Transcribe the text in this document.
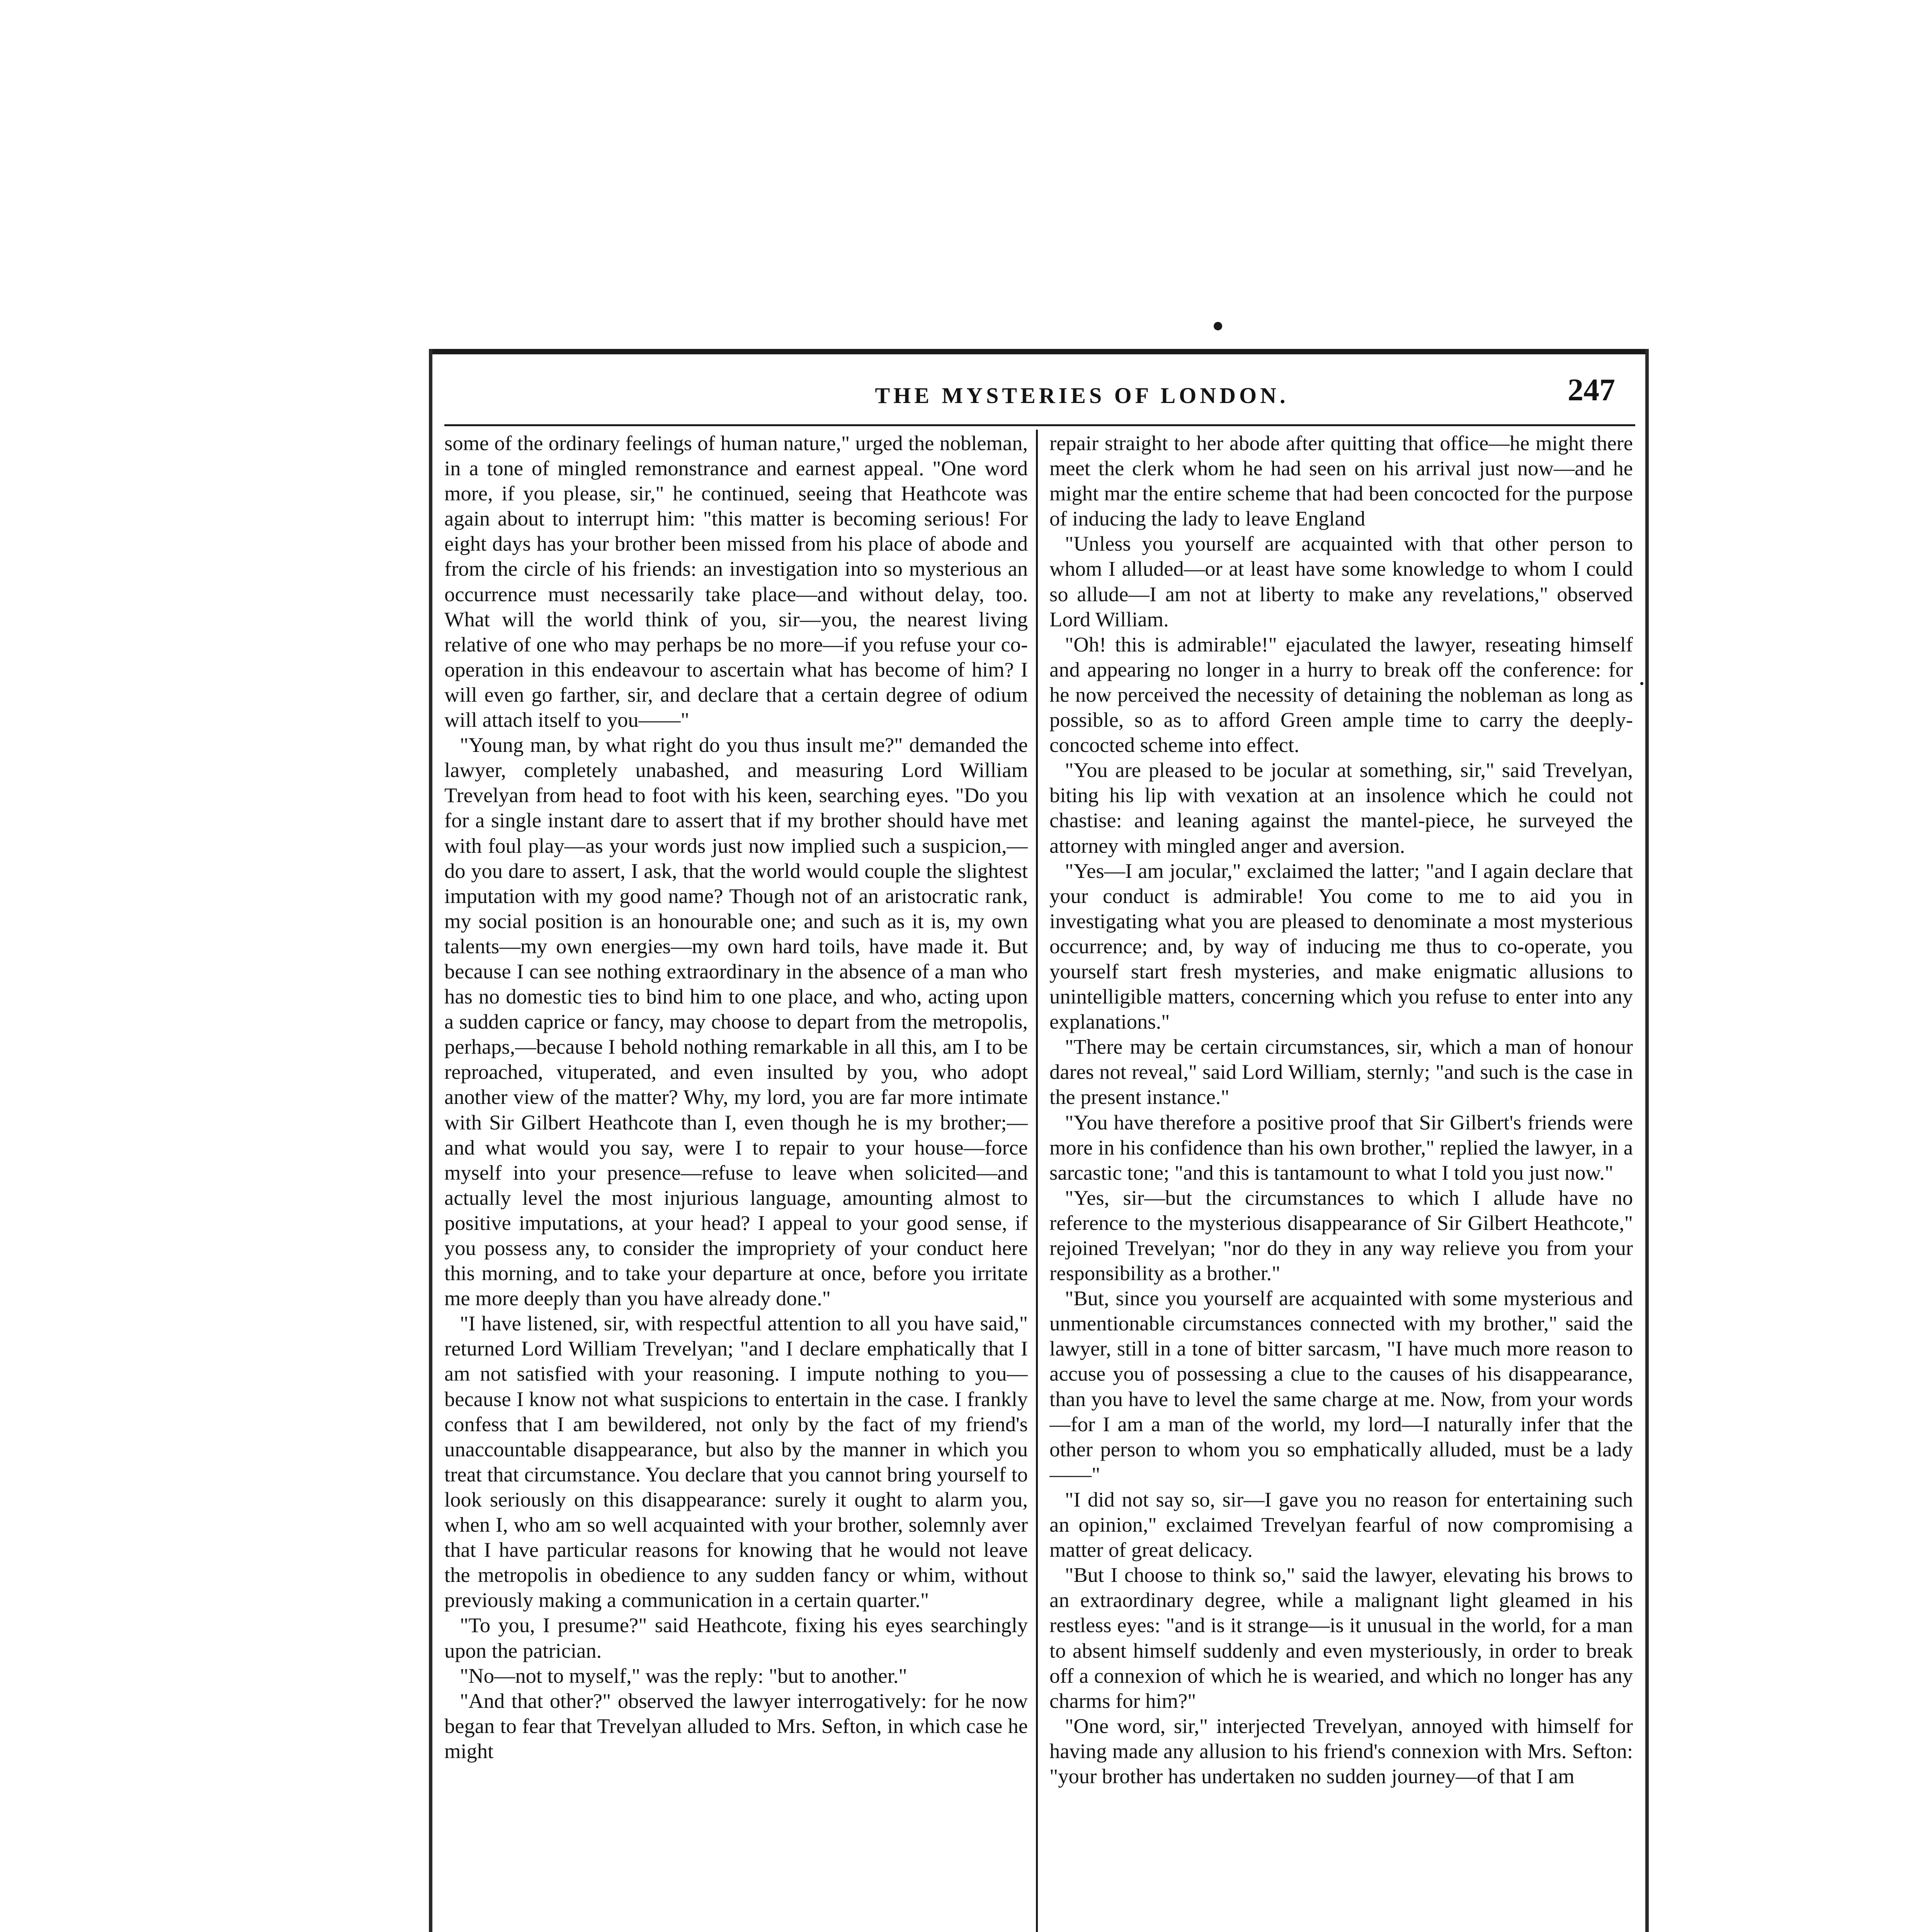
THE MYSTERIES OF LONDON.	247

some of the ordinary feelings of human nature," urged the nobleman, in a tone of mingled remonstrance and earnest appeal. "One word more, if you please, sir," he continued, seeing that Heathcote was again about to interrupt him: "this matter is becoming serious! For eight days has your brother been missed from his place of abode and from the circle of his friends: an investigation into so mysterious an occurrence must necessarily take place—and without delay, too. What will the world think of you, sir—you, the nearest living relative of one who may perhaps be no more—if you refuse your co-operation in this endeavour to ascertain what has become of him? I will even go farther, sir, and declare that a certain degree of odium will attach itself to you——"

"Young man, by what right do you thus insult me?" demanded the lawyer, completely unabashed, and measuring Lord William Trevelyan from head to foot with his keen, searching eyes. "Do you for a single instant dare to assert that if my brother should have met with foul play—as your words just now implied such a suspicion,—do you dare to assert, I ask, that the world would couple the slightest imputation with my good name? Though not of an aristocratic rank, my social position is an honourable one; and such as it is, my own talents—my own energies—my own hard toils, have made it. But because I can see nothing extraordinary in the absence of a man who has no domestic ties to bind him to one place, and who, acting upon a sudden caprice or fancy, may choose to depart from the metropolis, perhaps,—because I behold nothing remarkable in all this, am I to be reproached, vituperated, and even insulted by you, who adopt another view of the matter? Why, my lord, you are far more intimate with Sir Gilbert Heathcote than I, even though he is my brother;—and what would you say, were I to repair to your house—force myself into your presence—refuse to leave when solicited—and actually level the most injurious language, amounting almost to positive imputations, at your head? I appeal to your good sense, if you possess any, to consider the impropriety of your conduct here this morning, and to take your departure at once, before you irritate me more deeply than you have already done."

"I have listened, sir, with respectful attention to all you have said," returned Lord William Trevelyan; "and I declare emphatically that I am not satisfied with your reasoning. I impute nothing to you—because I know not what suspicions to entertain in the case. I frankly confess that I am bewildered, not only by the fact of my friend's unaccountable disappearance, but also by the manner in which you treat that circumstance. You declare that you cannot bring yourself to look seriously on this disappearance: surely it ought to alarm you, when I, who am so well acquainted with your brother, solemnly aver that I have particular reasons for knowing that he would not leave the metropolis in obedience to any sudden fancy or whim, without previously making a communication in a certain quarter."

"To you, I presume?" said Heathcote, fixing his eyes searchingly upon the patrician.

"No—not to myself," was the reply: "but to another."

"And that other?" observed the lawyer interrogatively: for he now began to fear that Trevelyan alluded to Mrs. Sefton, in which case he might

repair straight to her abode after quitting that office—he might there meet the clerk whom he had seen on his arrival just now—and he might mar the entire scheme that had been concocted for the purpose of inducing the lady to leave England

"Unless you yourself are acquainted with that other person to whom I alluded—or at least have some knowledge to whom I could so allude—I am not at liberty to make any revelations," observed Lord William.

"Oh! this is admirable!" ejaculated the lawyer, reseating himself and appearing no longer in a hurry to break off the conference: for he now perceived the necessity of detaining the nobleman as long as possible, so as to afford Green ample time to carry the deeply-concocted scheme into effect.

"You are pleased to be jocular at something, sir," said Trevelyan, biting his lip with vexation at an insolence which he could not chastise: and leaning against the mantel-piece, he surveyed the attorney with mingled anger and aversion.

"Yes—I am jocular," exclaimed the latter; "and I again declare that your conduct is admirable! You come to me to aid you in investigating what you are pleased to denominate a most mysterious occurrence; and, by way of inducing me thus to co-operate, you yourself start fresh mysteries, and make enigmatic allusions to unintelligible matters, concerning which you refuse to enter into any explanations."

"There may be certain circumstances, sir, which a man of honour dares not reveal," said Lord William, sternly; "and such is the case in the present instance."

"You have therefore a positive proof that Sir Gilbert's friends were more in his confidence than his own brother," replied the lawyer, in a sarcastic tone; "and this is tantamount to what I told you just now."

"Yes, sir—but the circumstances to which I allude have no reference to the mysterious disappearance of Sir Gilbert Heathcote," rejoined Trevelyan; "nor do they in any way relieve you from your responsibility as a brother."

"But, since you yourself are acquainted with some mysterious and unmentionable circumstances connected with my brother," said the lawyer, still in a tone of bitter sarcasm, "I have much more reason to accuse you of possessing a clue to the causes of his disappearance, than you have to level the same charge at me. Now, from your words—for I am a man of the world, my lord—I naturally infer that the other person to whom you so emphatically alluded, must be a lady——"

"I did not say so, sir—I gave you no reason for entertaining such an opinion," exclaimed Trevelyan fearful of now compromising a matter of great delicacy.

"But I choose to think so," said the lawyer, elevating his brows to an extraordinary degree, while a malignant light gleamed in his restless eyes: "and is it strange—is it unusual in the world, for a man to absent himself suddenly and even mysteriously, in order to break off a connexion of which he is wearied, and which no longer has any charms for him?"

"One word, sir," interjected Trevelyan, annoyed with himself for having made any allusion to his friend's connexion with Mrs. Sefton: "your brother has undertaken no sudden journey—of that I am
